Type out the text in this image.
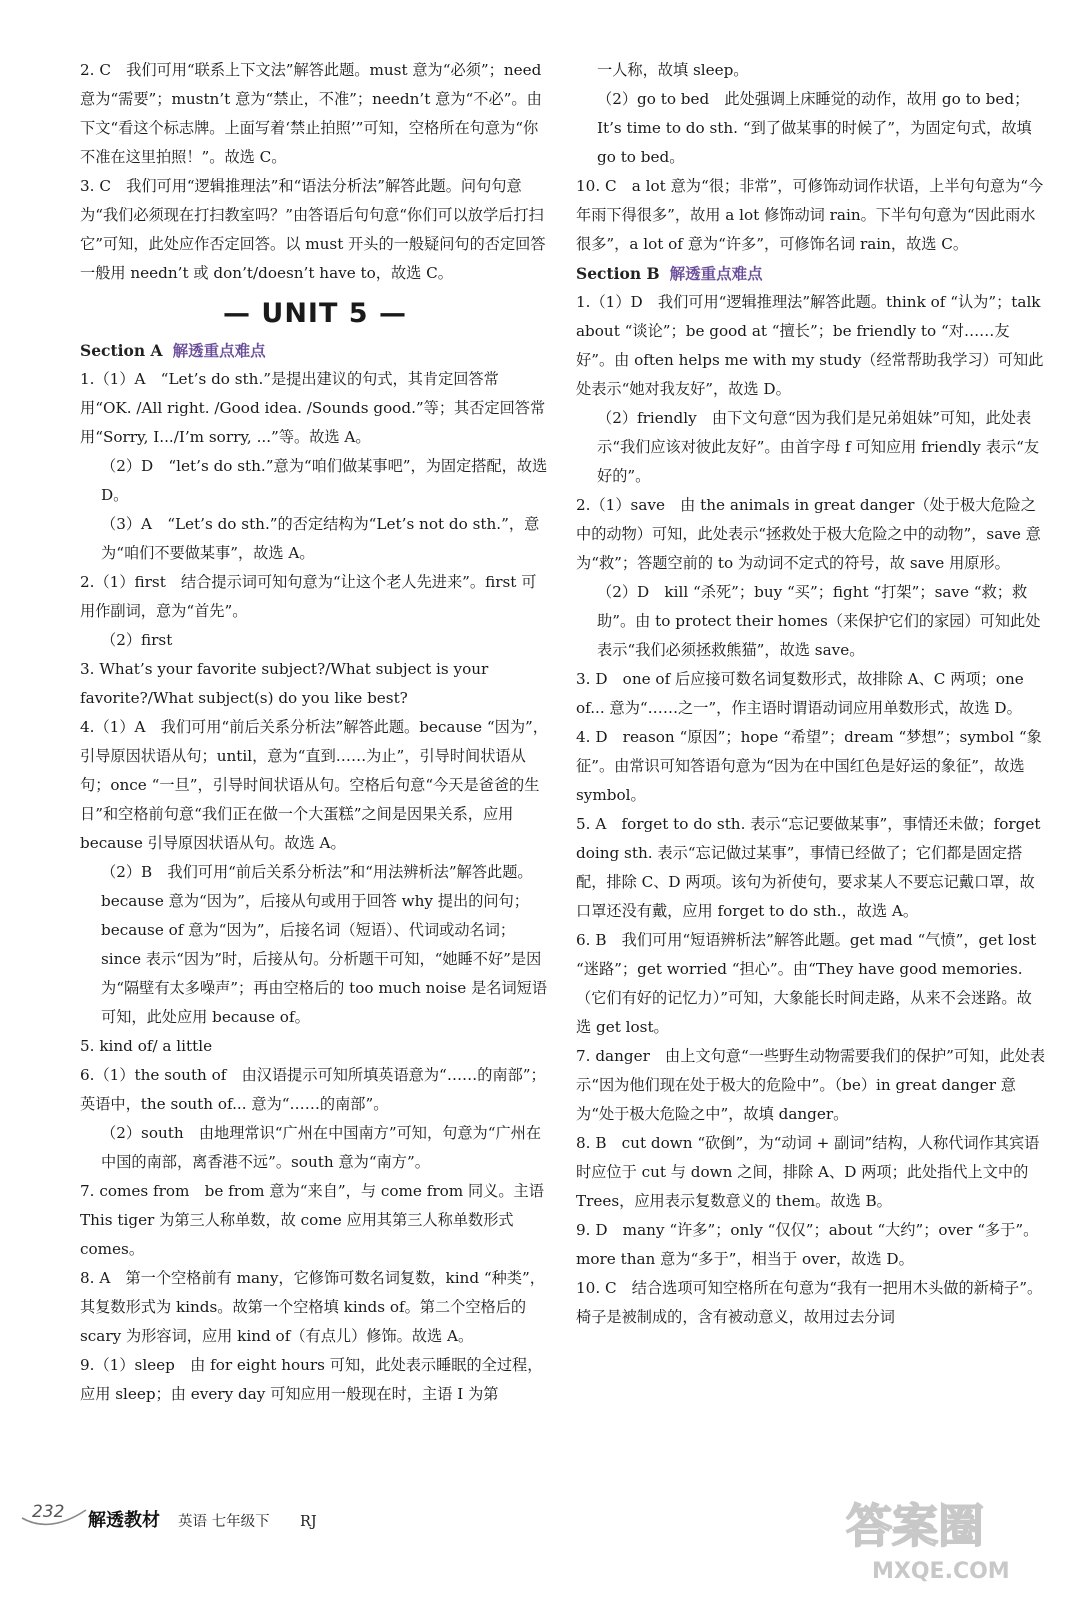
2. C　我们可用“联系上下文法”解答此题。must 意为“必须”；need 意为“需要”；mustn’t 意为“禁止，不准”；needn’t 意为“不必”。由下文“看这个标志牌。上面写着‘禁止拍照’”可知，空格所在句意为“你不准在这里拍照！”。故选 C。

3. C　我们可用“逻辑推理法”和“语法分析法”解答此题。问句句意为“我们必须现在打扫教室吗？”由答语后句句意“你们可以放学后打扫它”可知，此处应作否定回答。以 must 开头的一般疑问句的否定回答一般用 needn’t 或 don’t/doesn’t have to，故选 C。

— UNIT 5 —
Section A 解透重点难点

1.（1）A　“Let’s do sth.”是提出建议的句式，其肯定回答常用“OK. /All right. /Good idea. /Sounds good.”等；其否定回答常用“Sorry, I.../I’m sorry, ...”等。故选 A。

（2）D　“let’s do sth.”意为“咱们做某事吧”，为固定搭配，故选 D。

（3）A　“Let’s do sth.”的否定结构为“Let’s not do sth.”，意为“咱们不要做某事”，故选 A。

2.（1）first　结合提示词可知句意为“让这个老人先进来”。first 可用作副词，意为“首先”。

（2）first

3. What’s your favorite subject?/What subject is your favorite?/What subject(s) do you like best?

4.（1）A　我们可用“前后关系分析法”解答此题。because “因为”，引导原因状语从句；until，意为“直到……为止”，引导时间状语从句；once “一旦”，引导时间状语从句。空格后句意“今天是爸爸的生日”和空格前句意“我们正在做一个大蛋糕”之间是因果关系，应用 because 引导原因状语从句。故选 A。

（2）B　我们可用“前后关系分析法”和“用法辨析法”解答此题。because 意为“因为”，后接从句或用于回答 why 提出的问句；because of 意为“因为”，后接名词（短语）、代词或动名词；since 表示“因为”时，后接从句。分析题干可知，“她睡不好”是因为“隔壁有太多噪声”；再由空格后的 too much noise 是名词短语可知，此处应用 because of。

5. kind of/ a little

6.（1）the south of　由汉语提示可知所填英语意为“……的南部”；英语中，the south of... 意为“……的南部”。

（2）south　由地理常识“广州在中国南方”可知，句意为“广州在中国的南部，离香港不远”。south 意为“南方”。

7. comes from　be from 意为“来自”，与 come from 同义。主语 This tiger 为第三人称单数，故 come 应用其第三人称单数形式 comes。

8. A　第一个空格前有 many，它修饰可数名词复数，kind “种类”，其复数形式为 kinds。故第一个空格填 kinds of。第二个空格后的 scary 为形容词，应用 kind of（有点儿）修饰。故选 A。

9.（1）sleep　由 for eight hours 可知，此处表示睡眠的全过程，应用 sleep；由 every day 可知应用一般现在时，主语 I 为第

一人称，故填 sleep。

（2）go to bed　此处强调上床睡觉的动作，故用 go to bed；It’s time to do sth. “到了做某事的时候了”，为固定句式，故填 go to bed。

10. C　a lot 意为“很；非常”，可修饰动词作状语，上半句句意为“今年雨下得很多”，故用 a lot 修饰动词 rain。下半句句意为“因此雨水很多”，a lot of 意为“许多”，可修饰名词 rain，故选 C。

Section B 解透重点难点

1.（1）D　我们可用“逻辑推理法”解答此题。think of “认为”；talk about “谈论”；be good at “擅长”；be friendly to “对……友好”。由 often helps me with my study（经常帮助我学习）可知此处表示“她对我友好”，故选 D。

（2）friendly　由下文句意“因为我们是兄弟姐妹”可知，此处表示“我们应该对彼此友好”。由首字母 f 可知应用 friendly 表示“友好的”。

2.（1）save　由 the animals in great danger（处于极大危险之中的动物）可知，此处表示“拯救处于极大危险之中的动物”，save 意为“救”；答题空前的 to 为动词不定式的符号，故 save 用原形。

（2）D　kill “杀死”；buy “买”；fight “打架”；save “救；救助”。由 to protect their homes（来保护它们的家园）可知此处表示“我们必须拯救熊猫”，故选 save。

3. D　one of 后应接可数名词复数形式，故排除 A、C 两项；one of... 意为“……之一”，作主语时谓语动词应用单数形式，故选 D。

4. D　reason “原因”；hope “希望”；dream “梦想”；symbol “象征”。由常识可知答语句意为“因为在中国红色是好运的象征”，故选 symbol。

5. A　forget to do sth. 表示“忘记要做某事”，事情还未做；forget doing sth. 表示“忘记做过某事”，事情已经做了；它们都是固定搭配，排除 C、D 两项。该句为祈使句，要求某人不要忘记戴口罩，故口罩还没有戴，应用 forget to do sth.，故选 A。

6. B　我们可用“短语辨析法”解答此题。get mad “气愤”，get lost “迷路”；get worried “担心”。由“They have good memories.（它们有好的记忆力）”可知，大象能长时间走路，从来不会迷路。故选 get lost。

7. danger　由上文句意“一些野生动物需要我们的保护”可知，此处表示“因为他们现在处于极大的危险中”。（be）in great danger 意为“处于极大危险之中”，故填 danger。

8. B　cut down “砍倒”，为“动词 + 副词”结构，人称代词作其宾语时应位于 cut 与 down 之间，排除 A、D 两项；此处指代上文中的 Trees，应用表示复数意义的 them。故选 B。

9. D　many “许多”；only “仅仅”；about “大约”；over “多于”。more than 意为“多于”，相当于 over，故选 D。

10. C　结合选项可知空格所在句意为“我有一把用木头做的新椅子”。椅子是被制成的，含有被动意义，故用过去分词

232 解透教材 英语 七年级下 RJ	答案圈
MXQE.COM
